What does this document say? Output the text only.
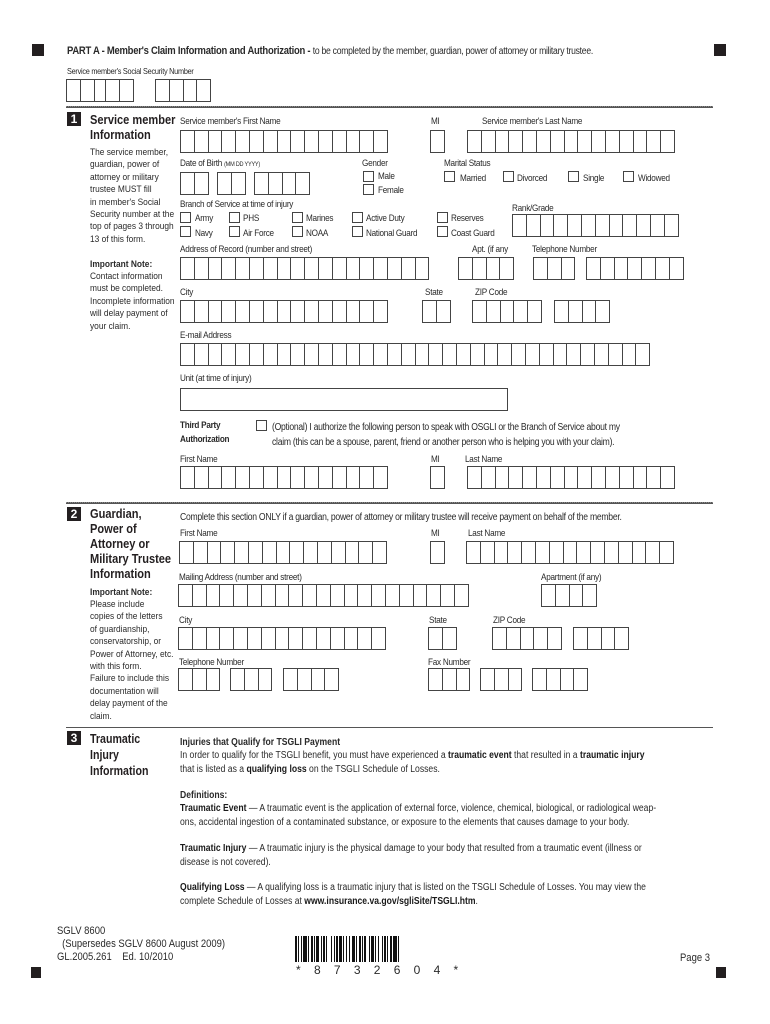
PART A - Member's Claim Information and Authorization - to be completed by the member, guardian, power of attorney or military trustee.
Service member's Social Security Number
1 Service member
Information
The service member,
guardian, power of
attorney or military
trustee MUST fill
in member's Social
Security number at the
top of pages 3 through
13 of this form.
Important Note:
Contact information
must be completed.
Incomplete information
will delay payment of
your claim.
Service member's First Name	MI	Service member's Last Name
Date of Birth (MM DD YYYY)	Gender
Male
Female
Marital Status
Married	Divorced	Single	Widowed
Branch of Service at time of injury
Army	PHS	Marines	Active Duty	Reserves
Navy	Air Force	NOAA	National Guard	Coast Guard
Rank/Grade
Address of Record (number and street)	Apt. (if any	Telephone Number
City	State	ZIP Code
E-mail Address
Unit (at time of injury)
Third Party
Authorization
(Optional) I authorize the following person to speak with OSGLI or the Branch of Service about my
claim (this can be a spouse, parent, friend or another person who is helping you with your claim).
First Name	MI	Last Name
2 Guardian,
Power of
Attorney or
Military Trustee
Information
Important Note:
Please include
copies of the letters
of guardianship,
conservatorship, or
Power of Attorney, etc.
with this form.
Failure to include this
documentation will
delay payment of the
claim.
Complete this section ONLY if a guardian, power of attorney or military trustee will receive payment on behalf of the member.
First Name	MI	Last Name
Mailing Address (number and street)	Apartment (if any)
City	State	ZIP Code
Telephone Number	Fax Number
3 Traumatic
Injury
Information
Injuries that Qualify for TSGLI Payment
In order to qualify for the TSGLI benefit, you must have experienced a traumatic event that resulted in a traumatic injury
that is listed as a qualifying loss on the TSGLI Schedule of Losses.
Definitions:
Traumatic Event — A traumatic event is the application of external force, violence, chemical, biological, or radiological weap-
ons, accidental ingestion of a contaminated substance, or exposure to the elements that causes damage to your body.
Traumatic Injury — A traumatic injury is the physical damage to your body that resulted from a traumatic event (illness or
disease is not covered).
Qualifying Loss — A qualifying loss is a traumatic injury that is listed on the TSGLI Schedule of Losses. You may view the
complete Schedule of Losses at www.insurance.va.gov/sgliSite/TSGLI.htm.
SGLV 8600
(Supersedes SGLV 8600 August 2009)
GL.2005.261    Ed. 10/2010
*  8  7  3  2  6  0  4  *
Page 3
